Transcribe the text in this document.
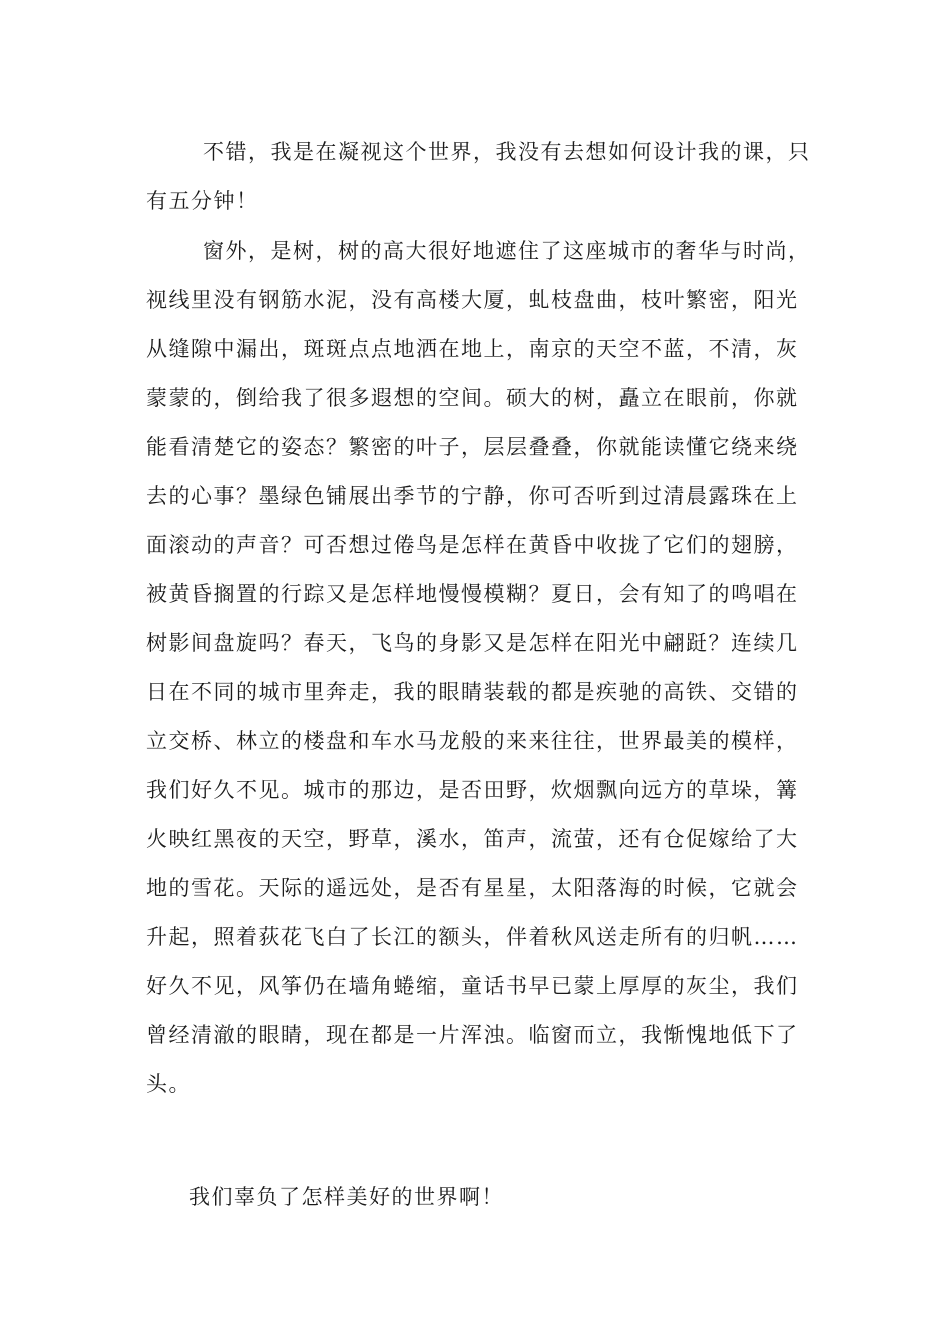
不错，我是在凝视这个世界，我没有去想如何设计我的课，只
有五分钟！
窗外，是树，树的高大很好地遮住了这座城市的奢华与时尚，
视线里没有钢筋水泥，没有高楼大厦，虬枝盘曲，枝叶繁密，阳光
从缝隙中漏出，斑斑点点地洒在地上，南京的天空不蓝，不清，灰
蒙蒙的，倒给我了很多遐想的空间。硕大的树，矗立在眼前，你就
能看清楚它的姿态？繁密的叶子，层层叠叠，你就能读懂它绕来绕
去的心事？墨绿色铺展出季节的宁静，你可否听到过清晨露珠在上
面滚动的声音？可否想过倦鸟是怎样在黄昏中收拢了它们的翅膀，
被黄昏搁置的行踪又是怎样地慢慢模糊？夏日，会有知了的鸣唱在
树影间盘旋吗？春天，飞鸟的身影又是怎样在阳光中翩跹？连续几
日在不同的城市里奔走，我的眼睛装载的都是疾驰的高铁、交错的
立交桥、林立的楼盘和车水马龙般的来来往往，世界最美的模样，
我们好久不见。城市的那边，是否田野，炊烟飘向远方的草垛，篝
火映红黑夜的天空，野草，溪水，笛声，流萤，还有仓促嫁给了大
地的雪花。天际的遥远处，是否有星星，太阳落海的时候，它就会
升起，照着荻花飞白了长江的额头，伴着秋风送走所有的归帆……
好久不见，风筝仍在墙角蜷缩，童话书早已蒙上厚厚的灰尘，我们
曾经清澈的眼睛，现在都是一片浑浊。临窗而立，我惭愧地低下了
头。
我们辜负了怎样美好的世界啊！
